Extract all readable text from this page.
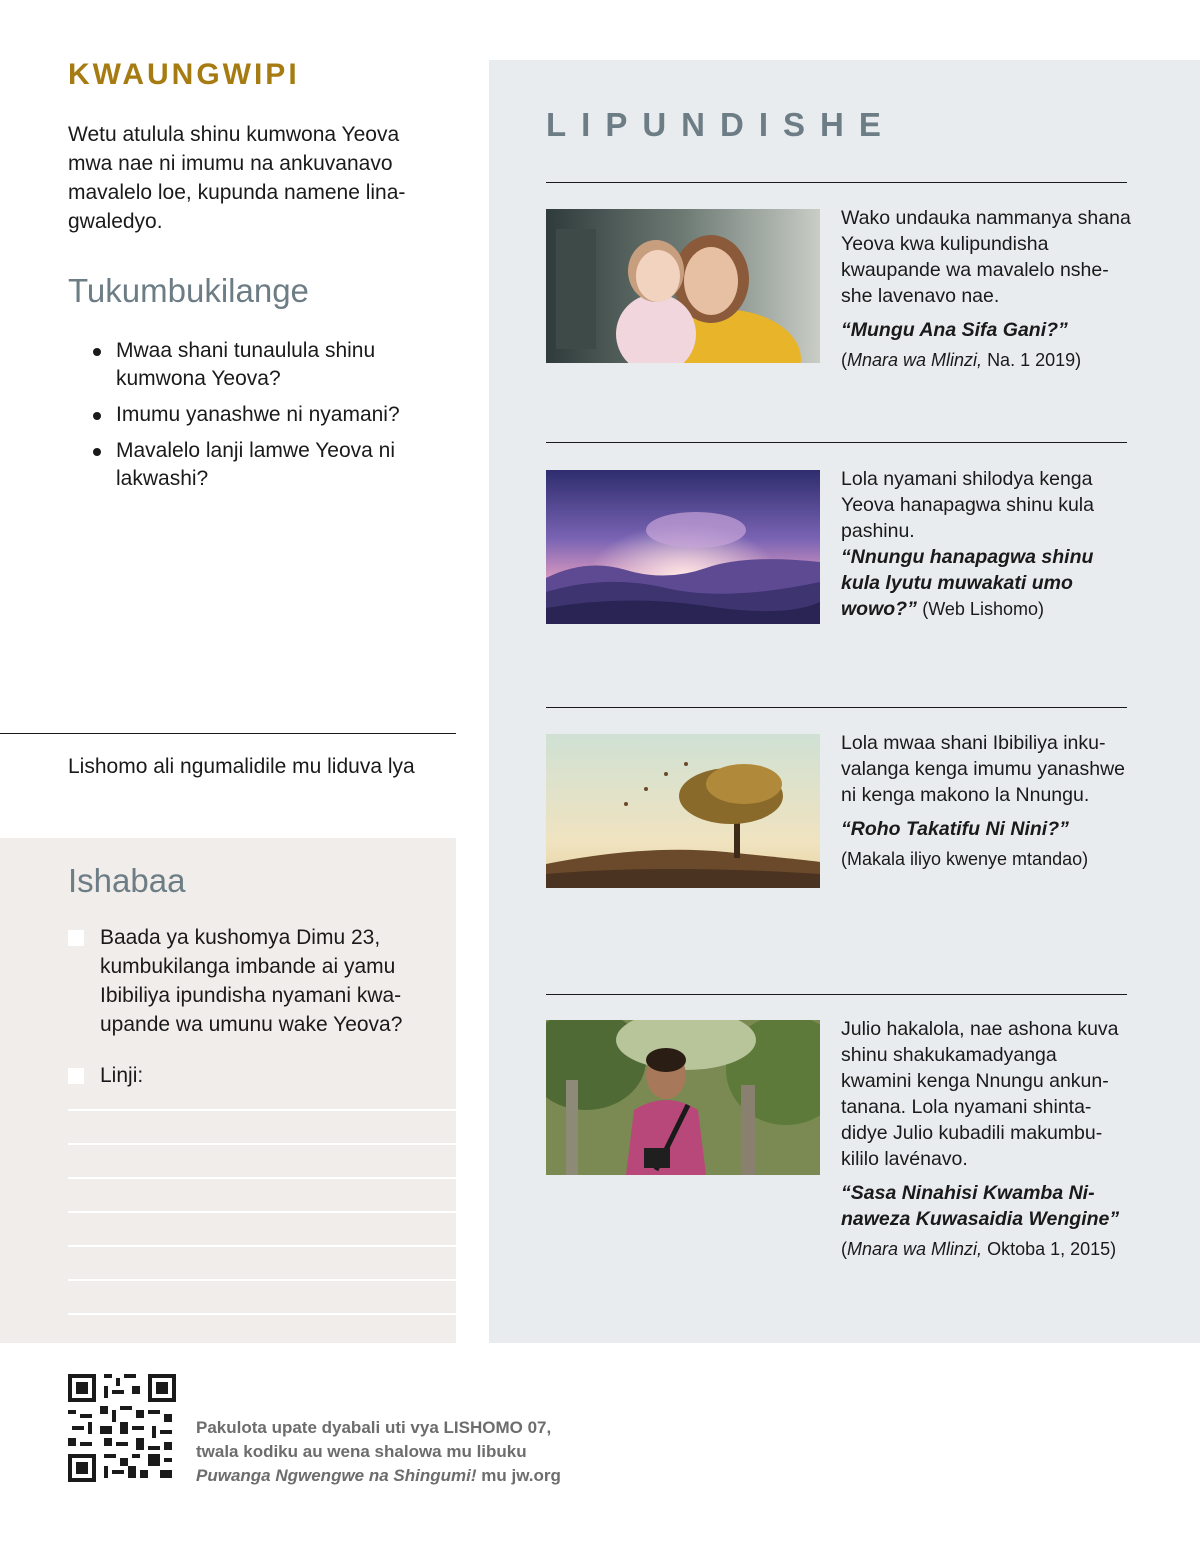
KWAUNGWIPI

Wetu atulula shinu kumwona Yeova mwa nae ni imumu na ankuvanavo mavalelo loe, kupunda namene linagwaledyo.

Tukumbukilange
Mwaa shani tunaulula shinu kumwona Yeova?
Imumu yanashwe ni nyamani?
Mavalelo lanji lamwe Yeova ni lakwashi?

Lishomo ali ngumalidile mu liduva lya

Ishabaa
Baada ya kushomya Dimu 23, kumbukilanga imbande ai yamu Ibibiliya ipundisha nyamani kwaupande wa umunu wake Yeova?
Linji:
LIPUNDISHE

Wako undauka nammanya shana Yeova kwa kulipundisha kwaupande wa mavalelo nsheshe lavenavo nae.

“Mungu Ana Sifa Gani?”

(Mnara wa Mlinzi, Na. 1 2019)

Lola nyamani shilodya kenga Yeova hanapagwa shinu kula pashinu.

“Nnungu hanapagwa shinu kula lyutu muwakati umo wowo?” (Web Lishomo)

Lola mwaa shani Ibibiliya inkuvalanga kenga imumu yanashwe ni kenga makono la Nnungu.

“Roho Takatifu Ni Nini?”

(Makala iliyo kwenye mtandao)

Julio hakalola, nae ashona kuva shinu shakukamadyanga kwamini kenga Nnungu ankuntanana. Lola nyamani shintadidye Julio kubadili makumbukililo lavénavo.

“Sasa Ninahisi Kwamba Ninaweza Kuwasaidia Wengine”

(Mnara wa Mlinzi, Oktoba 1, 2015)

Pakulota upate dyabali uti vya LISHOMO 07,
twala kodiku au wena shalowa mu libuku
Puwanga Ngwengwe na Shingumi! mu jw.org
